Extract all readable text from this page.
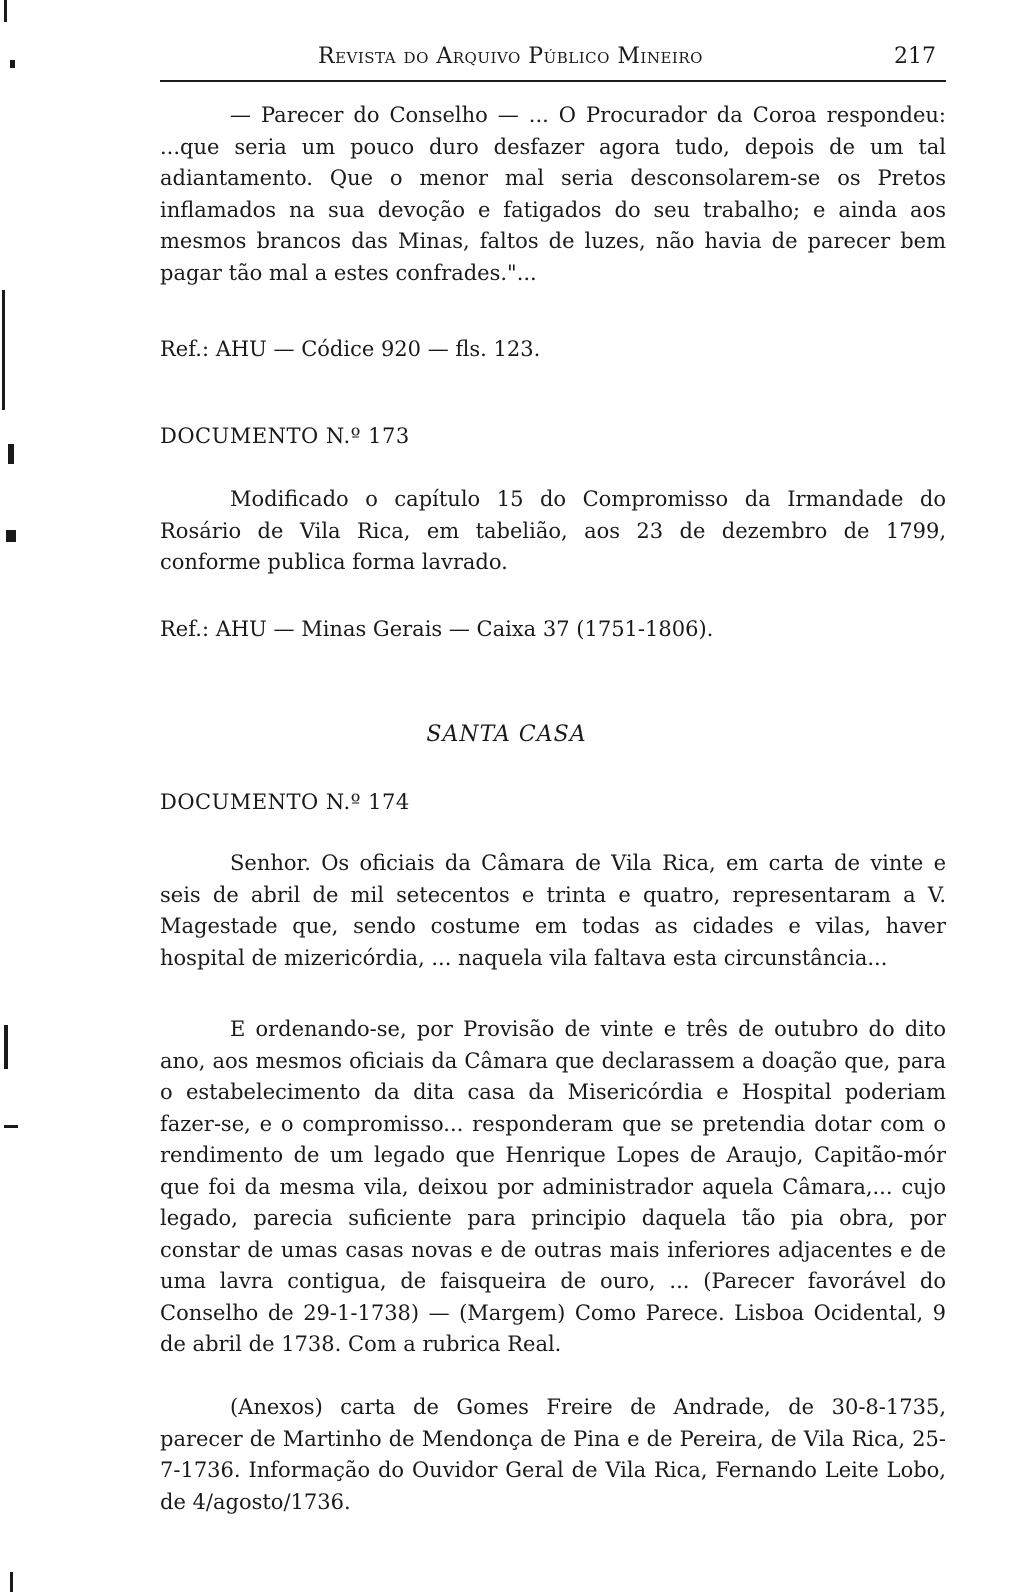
Revista do Arquivo Público Mineiro	217

— Parecer do Conselho — ... O Procurador da Coroa respondeu: ...que seria um pouco duro desfazer agora tudo, depois de um tal adiantamento. Que o menor mal seria desconsolarem-se os Pretos inflamados na sua devoção e fatigados do seu trabalho; e ainda aos mesmos brancos das Minas, faltos de luzes, não havia de parecer bem pagar tão mal a estes confrades."...

Ref.: AHU — Códice 920 — fls. 123.
DOCUMENTO N.º 173

Modificado o capítulo 15 do Compromisso da Irmandade do Rosário de Vila Rica, em tabelião, aos 23 de dezembro de 1799, conforme publica forma lavrado.

Ref.: AHU — Minas Gerais — Caixa 37 (1751-1806).
SANTA CASA
DOCUMENTO N.º 174

Senhor. Os oficiais da Câmara de Vila Rica, em carta de vinte e seis de abril de mil setecentos e trinta e quatro, representaram a V. Magestade que, sendo costume em todas as cidades e vilas, haver hospital de mizericórdia, ... naquela vila faltava esta circunstância...

E ordenando-se, por Provisão de vinte e três de outubro do dito ano, aos mesmos oficiais da Câmara que declarassem a doação que, para o estabelecimento da dita casa da Misericórdia e Hospital poderiam fazer-se, e o compromisso... responderam que se pretendia dotar com o rendimento de um legado que Henrique Lopes de Araujo, Capitão-mór que foi da mesma vila, deixou por administrador aquela Câmara,... cujo legado, parecia suficiente para principio daquela tão pia obra, por constar de umas casas novas e de outras mais inferiores adjacentes e de uma lavra contigua, de faisqueira de ouro, ... (Parecer favorável do Conselho de 29-1-1738) — (Margem) Como Parece. Lisboa Ocidental, 9 de abril de 1738. Com a rubrica Real.

(Anexos) carta de Gomes Freire de Andrade, de 30-8-1735, parecer de Martinho de Mendonça de Pina e de Pereira, de Vila Rica, 25-7-1736. Informação do Ouvidor Geral de Vila Rica, Fernando Leite Lobo, de 4/agosto/1736.
